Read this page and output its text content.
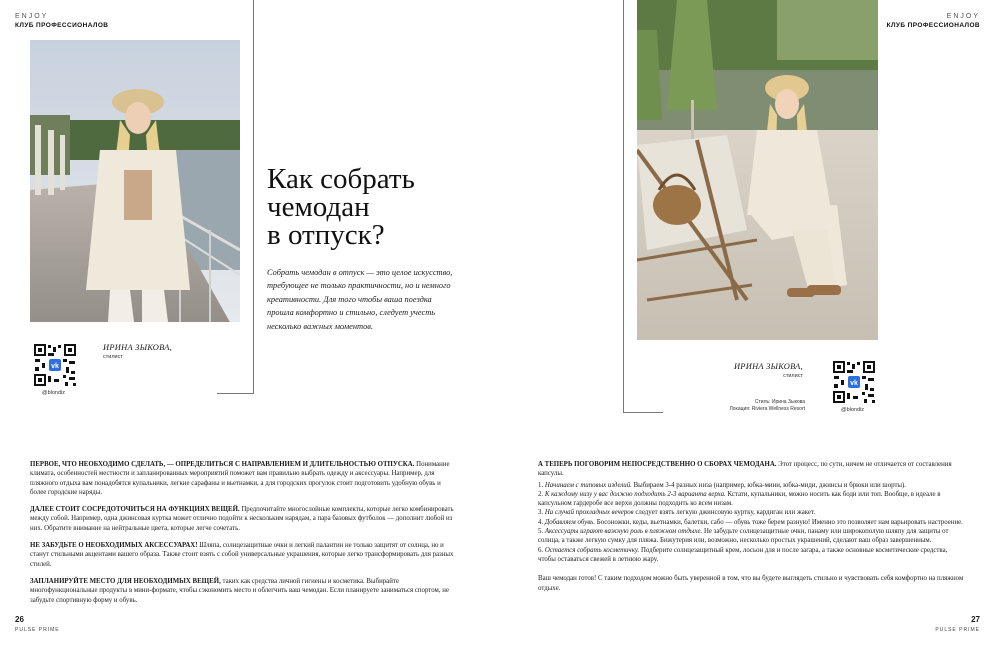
ENJOY
КЛУБ ПРОФЕССИОНАЛОВ
vk
@blondiz
ИРИНА ЗЫКОВА,
стилист
Как собрать
чемодан
в отпуск?
Собрать чемодан в отпуск — это целое искусство, требующее не только практичности, но и немного креативности. Для того чтобы ваша поездка прошла комфортно и стильно, следует учесть несколько важных моментов.

ПЕРВОЕ, ЧТО НЕОБХОДИМО СДЕЛАТЬ, — ОПРЕДЕЛИТЬСЯ С НАПРАВЛЕНИЕМ И ДЛИТЕЛЬНОСТЬЮ ОТПУСКА. Понимание климата, особенностей местности и запланированных мероприятий поможет вам правильно выбрать одежду и аксессуары. Например, для пляжного отдыха вам понадобятся купальники, легкие сарафаны и вьетнамки, а для городских прогулок стоит подготовить удобную обувь и более городские наряды.

ДАЛЕЕ СТОИТ СОСРЕДОТОЧИТЬСЯ НА ФУНКЦИЯХ ВЕЩЕЙ. Предпочитайте многослойные комплекты, которые легко комбинировать между собой. Например, одна джинсовая куртка может отлично подойти к нескольким нарядам, а пара базовых футболок — дополнит любой из них. Обратите внимание на нейтральные цвета, которые легче сочетать.

НЕ ЗАБУДЬТЕ О НЕОБХОДИМЫХ АКСЕССУАРАХ! Шляпа, солнцезащитные очки и легкий палантин не только защитят от солнца, но и станут стильными акцентами вашего образа. Также стоит взять с собой универсальные украшения, которые легко трансформировать для разных стилей.

ЗАПЛАНИРУЙТЕ МЕСТО ДЛЯ НЕОБХОДИМЫХ ВЕЩЕЙ, таких как средства личной гигиены и косметика. Выбирайте многофункциональные продукты в мини-формате, чтобы сэкономить место и облегчить ваш чемодан. Если планируете заниматься спортом, не забудьте спортивную форму и обувь.

26
PULSE PRIME
ENJOY
КЛУБ ПРОФЕССИОНАЛОВ
ИРИНА ЗЫКОВА,
стилист
Стиль: Ирина Зыкова
Локация: Riviera Wellness Resort
vk
@blondiz

А ТЕПЕРЬ ПОГОВОРИМ НЕПОСРЕДСТВЕННО О СБОРАХ ЧЕМОДАНА. Этот процесс, по сути, ничем не отличается от составления капсулы.

1. Начинаем с типовых изделий. Выбираем 3-4 разных низа (например, юбка-мини, юбка-миди, джинсы и брюки или шорты).
2. К каждому низу у вас должно подходить 2-3 варианта верха. Кстати, купальники, можно носить как боди или топ. Вообще, в идеале в капсульном гардеробе все верхи должны подходить ко всем низам.
3. На случай прохладных вечеров следует взять легкую джинсовую куртку, кардиган или жакет.
4. Добавляем обувь. Босоножки, кеды, вьетнамки, балетки, сабо — обувь тоже берем разную! Именно это позволяет нам варьировать настроение.
5. Аксессуары играют важную роль в пляжном отдыхе. Не забудьте солнцезащитные очки, панаму или широкополую шляпу для защиты от солнца, а также легкую сумку для пляжа. Бижутерия или, возможно, несколько простых украшений, сделают ваш образ завершенным.
6. Остается собрать косметичку. Подберите солнцезащитный крем, лосьон для и после загара, а также основные косметические средства, чтобы оставаться свежей в летнюю жару.

Ваш чемодан готов! С таким подходом можно быть уверенной в том, что вы будете выглядеть стильно и чувствовать себя комфортно на пляжном отдыхе.

27
PULSE PRIME
